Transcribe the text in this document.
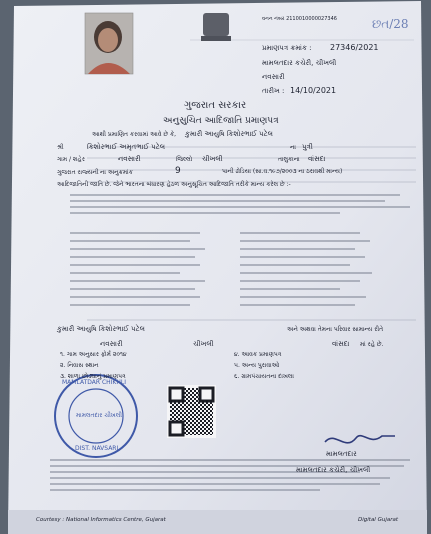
વનન નંબર 2110010000027346	છત/28
પ્રમાણપત્ર ક્રમાંક : 27346/2021
મામલતદાર કચેરી, ચીખલી
નવસારી
તારીખ : 14/10/2021
ગુજરાત સરકાર
અનુસુચિત આદિજાતિ પ્રમાણપત્ર
આથી પ્રમાણિત કરવામાં આવે છે કે, કુમારી આયુષિ કિશોરભાઈ પટેલ
શ્રી	કિશોરભાઈ અમૃતભાઈ પટેલ	ના પુત્રી
ગામ / શહેર	નવસારી	જિલ્લો ચીખલી	તાલુકાના વાંસદા
ગુજરાત રાજ્યની ના અનુક્રમાંક	9	પાની ઢોડિયા (સા.વ.૧૯૭/૨૦૦૩ ના ઠરાવથી માન્ય)
આદિજાતિની જાતિ છે. જેને ભારતના બંધારણ હેઠળ અનુસૂચિત આદિજાતિ તરીકે માન્ય કરેલ છે :-
કુમારી આયુષિ કિશોરભાઈ પટેલ	અને અથવા તેમના પરિવાર સામાન્ય રીતે
નવસારી	ચીખલી	વાંસદા માં રહે છે.
૧. ગામ અનુસાર ફોર્મ ૨૦૧૪
૨. નિવાસ સ્થાન
૩. શાળા છોડ્યાનું પ્રમાણપત્ર
૪. આવક પ્રમાણપત્ર
૫. અન્ય પુરાવાઓ
૬. ગ્રામપંચાયતના દાખલા
MAMLATDAR CHIKHLI
મામલતદાર ચીખલી
DIST. NAVSARI
મામલતદાર
મામલતદાર કચેરી, ચીખલી
Courtesy : National Informatics Centre, Gujarat	Digital Gujarat
